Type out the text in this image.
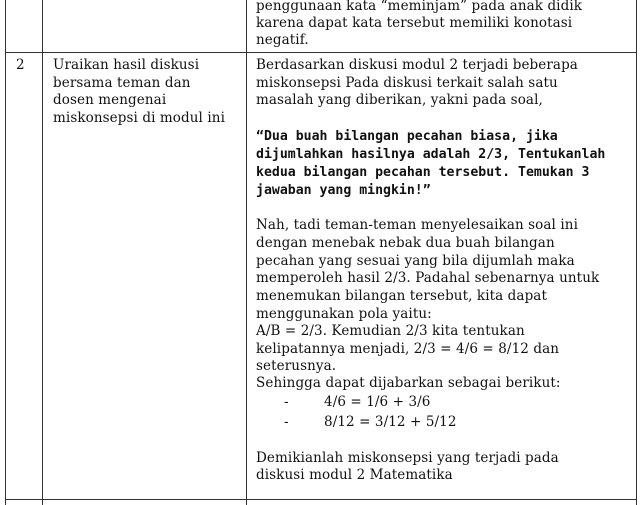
penggunaan kata “meminjam” pada anak didik
karena dapat kata tersebut memiliki konotasi
negatif.
2 Uraikan hasil diskusi
bersama teman dan
dosen mengenai
miskonsepsi di modul ini
Berdasarkan diskusi modul 2 terjadi beberapa
miskonsepsi Pada diskusi terkait salah satu
masalah yang diberikan, yakni pada soal,
“Dua buah bilangan pecahan biasa, jika
dijumlahkan hasilnya adalah 2/3, Tentukanlah
kedua bilangan pecahan tersebut. Temukan 3
jawaban yang mingkin!”
Nah, tadi teman-teman menyelesaikan soal ini
dengan menebak nebak dua buah bilangan
pecahan yang sesuai yang bila dijumlah maka
memperoleh hasil 2/3. Padahal sebenarnya untuk
menemukan bilangan tersebut, kita dapat
menggunakan pola yaitu:
A/B = 2/3. Kemudian 2/3 kita tentukan
kelipatannya menjadi, 2/3 = 4/6 = 8/12 dan
seterusnya.
Sehingga dapat dijabarkan sebagai berikut:
-	4/6 = 1/6 + 3/6
-	8/12 = 3/12 + 5/12
Demikianlah miskonsepsi yang terjadi pada
diskusi modul 2 Matematika
